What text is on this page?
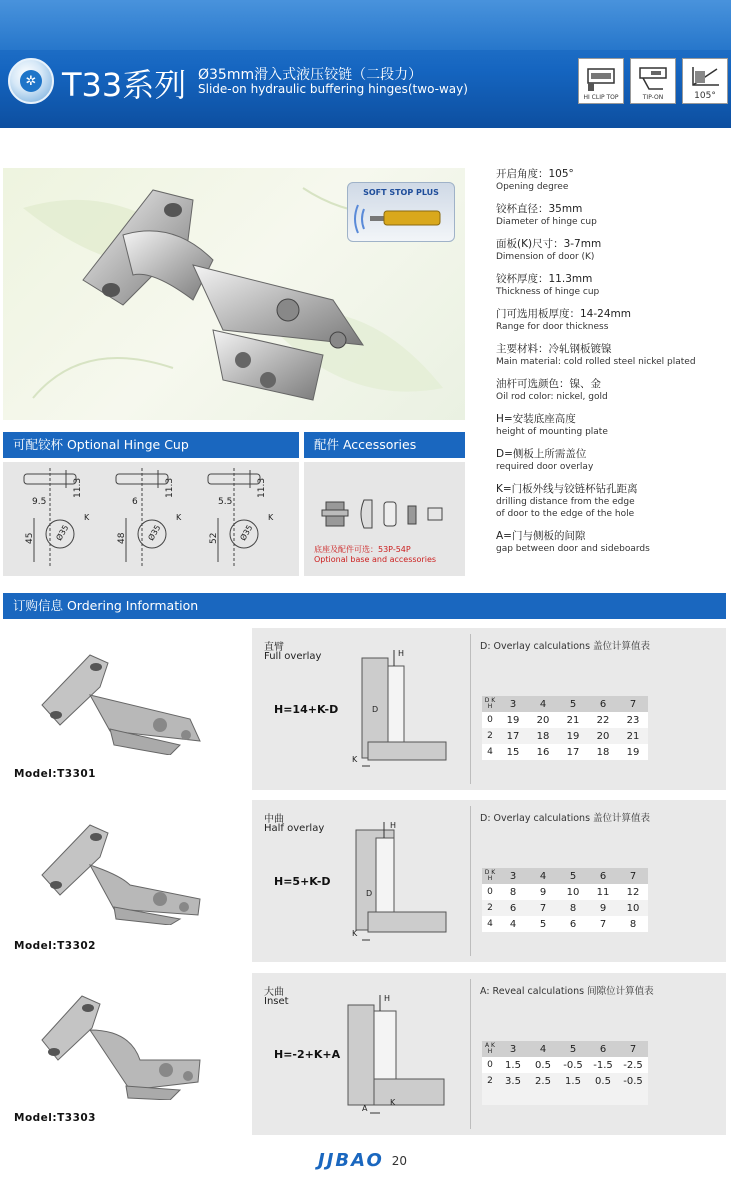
✲ T33系列 Ø35mm滑入式液压铰链（二段力）
Slide-on hydraulic buffering hinges(two-way)
HI CLIP TOP	TIP-ON	105°
SOFT STOP PLUS
开启角度：105°
Opening degree
铰杯直径：35mm
Diameter of hinge cup
面板(K)尺寸：3-7mm
Dimension of door (K)
铰杯厚度：11.3mm
Thickness of hinge cup
门可选用板厚度：14-24mm
Range for door thickness
主要材料：冷轧钢板镀镍
Main material: cold rolled steel nickel plated
油杆可选颜色：镍、金
Oil rod color: nickel, gold
H=安装底座高度
height of mounting plate
D=侧板上所需盖位
required door overlay
K=门板外线与铰链杯钻孔距离
drilling distance from the edge
of door to the edge of the hole
A=门与侧板的间隙
gap between door and sideboards
可配铰杯 Optional Hinge Cup	配件 Accessories
11.3
9.5
Ø35
K
45
11.3
6
Ø35
K
48
11.3
5.5
Ø35
K
52
底座及配件可选：53P-54P
Optional base and accessories
订购信息 Ordering Information
Model:T3301
直臂
Full overlay
H=14+K-D
H
D
K
D: Overlay calculations 盖位计算值表
D K
H	3	4	5	6	7
0	19	20	21	22	23
2	17	18	19	20	21
4	15	16	17	18	19
Model:T3302
中曲
Half overlay
H=5+K-D
H
D
K
D: Overlay calculations 盖位计算值表
D K
H	3	4	5	6	7
0	8	9	10	11	12
2	6	7	8	9	10
4	4	5	6	7	8
Model:T3303
大曲
Inset
H=-2+K+A
H
A
K
A: Reveal calculations 间隙位计算值表
A K
H	3	4	5	6	7
0	1.5	0.5	-0.5	-1.5	-2.5
2	3.5	2.5	1.5	0.5	-0.5

JJBAO 20
